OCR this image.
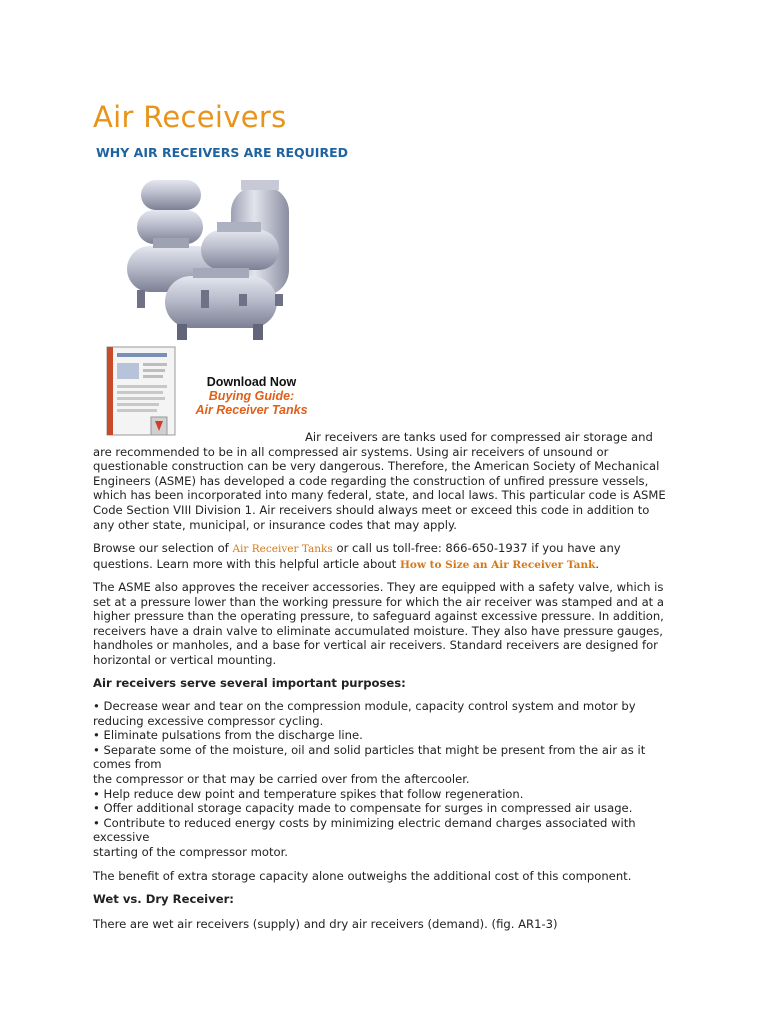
Air Receivers
WHY AIR RECEIVERS ARE REQUIRED
Download Now
Buying Guide:
Air Receiver Tanks

Air receivers are tanks used for compressed air storage and are recommended to be in all compressed air systems. Using air receivers of unsound or questionable construction can be very dangerous. Therefore, the American Society of Mechanical Engineers (ASME) has developed a code regarding the construction of unfired pressure vessels, which has been incorporated into many federal, state, and local laws. This particular code is ASME Code Section VIII Division 1. Air receivers should always meet or exceed this code in addition to any other state, municipal, or insurance codes that may apply.

Browse our selection of Air Receiver Tanks or call us toll-free: 866-650-1937 if you have any questions. Learn more with this helpful article about How to Size an Air Receiver Tank.

The ASME also approves the receiver accessories. They are equipped with a safety valve, which is set at a pressure lower than the working pressure for which the air receiver was stamped and at a higher pressure than the operating pressure, to safeguard against excessive pressure. In addition, receivers have a drain valve to eliminate accumulated moisture. They also have pressure gauges, handholes or manholes, and a base for vertical air receivers. Standard receivers are designed for horizontal or vertical mounting.

Air receivers serve several important purposes:

• Decrease wear and tear on the compression module, capacity control system and motor by reducing excessive compressor cycling.
• Eliminate pulsations from the discharge line.
• Separate some of the moisture, oil and solid particles that might be present from the air as it comes from
the compressor or that may be carried over from the aftercooler.
• Help reduce dew point and temperature spikes that follow regeneration.
• Offer additional storage capacity made to compensate for surges in compressed air usage.
• Contribute to reduced energy costs by minimizing electric demand charges associated with excessive
starting of the compressor motor.

The benefit of extra storage capacity alone outweighs the additional cost of this component.

Wet vs. Dry Receiver:

There are wet air receivers (supply) and dry air receivers (demand). (fig. AR1-3)
